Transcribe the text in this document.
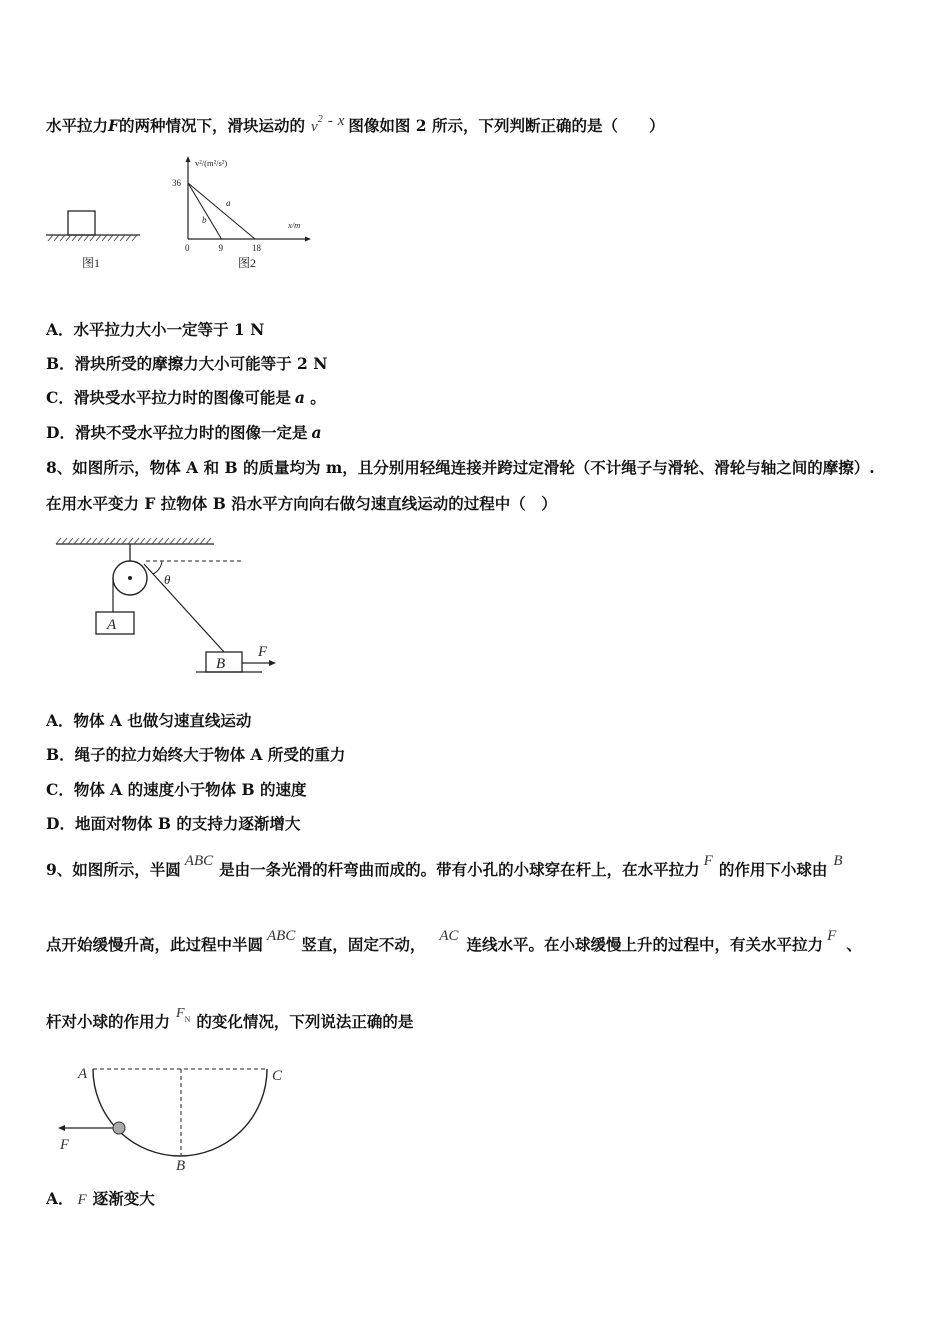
水平拉力F的两种情况下，滑块运动的 $v^2$ - x 图像如图 2 所示，下列判断正确的是（　　）
图1
v²/(m²/s²)
x/m
36
0	9	18
a
b
图2
A．水平拉力大小一定等于 1 N
B．滑块所受的摩擦力大小可能等于 2 N
C．滑块受水平拉力时的图像可能是 a 。
D．滑块不受水平拉力时的图像一定是 a
8、如图所示，物体 A 和 B 的质量均为 m，且分别用轻绳连接并跨过定滑轮（不计绳子与滑轮、滑轮与轴之间的摩擦）.
在用水平变力 F 拉物体 B 沿水平方向向右做匀速直线运动的过程中（　）
A
θ
B
F
A．物体 A 也做匀速直线运动
B．绳子的拉力始终大于物体 A 所受的重力
C．物体 A 的速度小于物体 B 的速度
D．地面对物体 B 的支持力逐渐增大
9、如图所示，半圆 ABC 是由一条光滑的杆弯曲而成的。带有小孔的小球穿在杆上，在水平拉力 F 的作用下小球由 B
点开始缓慢升高，此过程中半圆 ABC 竖直，固定不动， AC 连线水平。在小球缓慢上升的过程中，有关水平拉力 F 、
杆对小球的作用力 $F^N$ 的变化情况，下列说法正确的是
F
A	C
B
A． F 逐渐变大
